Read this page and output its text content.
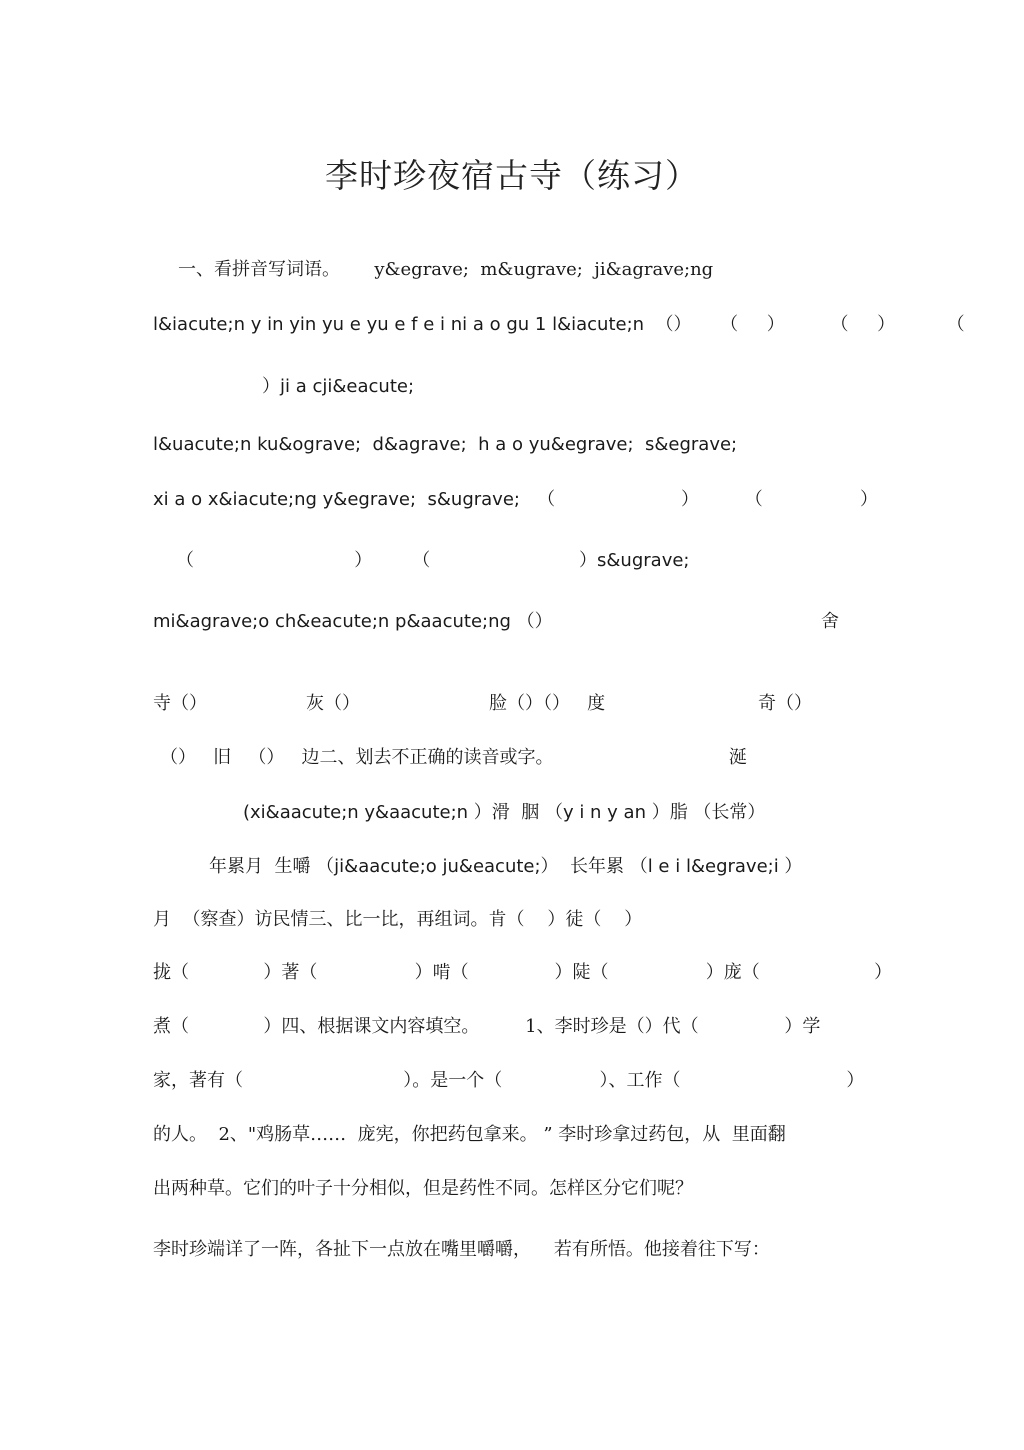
李时珍夜宿古寺（练习）
一、看拼音写词语。      y&egrave;  m&ugrave;  ji&agrave;ng
l&iacute;n y in yin yu e yu e f e i ni a o gu 1 l&iacute;n  （）     （     ）        （     ）         （
）ji a cji&eacute;
l&uacute;n ku&ograve;  d&agrave;  h a o yu&egrave;  s&egrave;
xi a o x&iacute;ng y&egrave;  s&ugrave;   （                      ）        （                 ）
（                            ）       （                          ）s&ugrave;
mi&agrave;o ch&eacute;n p&aacute;ng （）	舍
寺（）	灰（）	脸（）（）   度	奇（）
（）   旧   （）   边二、划去不正确的读音或字。	涎
(xi&aacute;n y&aacute;n ）滑  胭 （y i n y an ）脂 （长常）
年累月  生嚼 （ji&aacute;o ju&eacute;）  长年累 （l e i l&egrave;i ）
月  （察查）访民情三、比一比，再组词。肯（    ）徒（    ）
拢（             ）著（                 ）啃（               ）陡（                 ）庞（                    ）
煮（             ）四、根据课文内容填空。        1、李时珍是（）代（               ）学
家，著有（                            ）。是一个（                 ）、工作（                             ）
的人。  2、"鸡肠草……  庞宪，你把药包拿来。 ” 李时珍拿过药包，从  里面翻
出两种草。它们的叶子十分相似，但是药性不同。怎样区分它们呢？
李时珍端详了一阵，各扯下一点放在嘴里嚼嚼，    若有所悟。他接着往下写：
